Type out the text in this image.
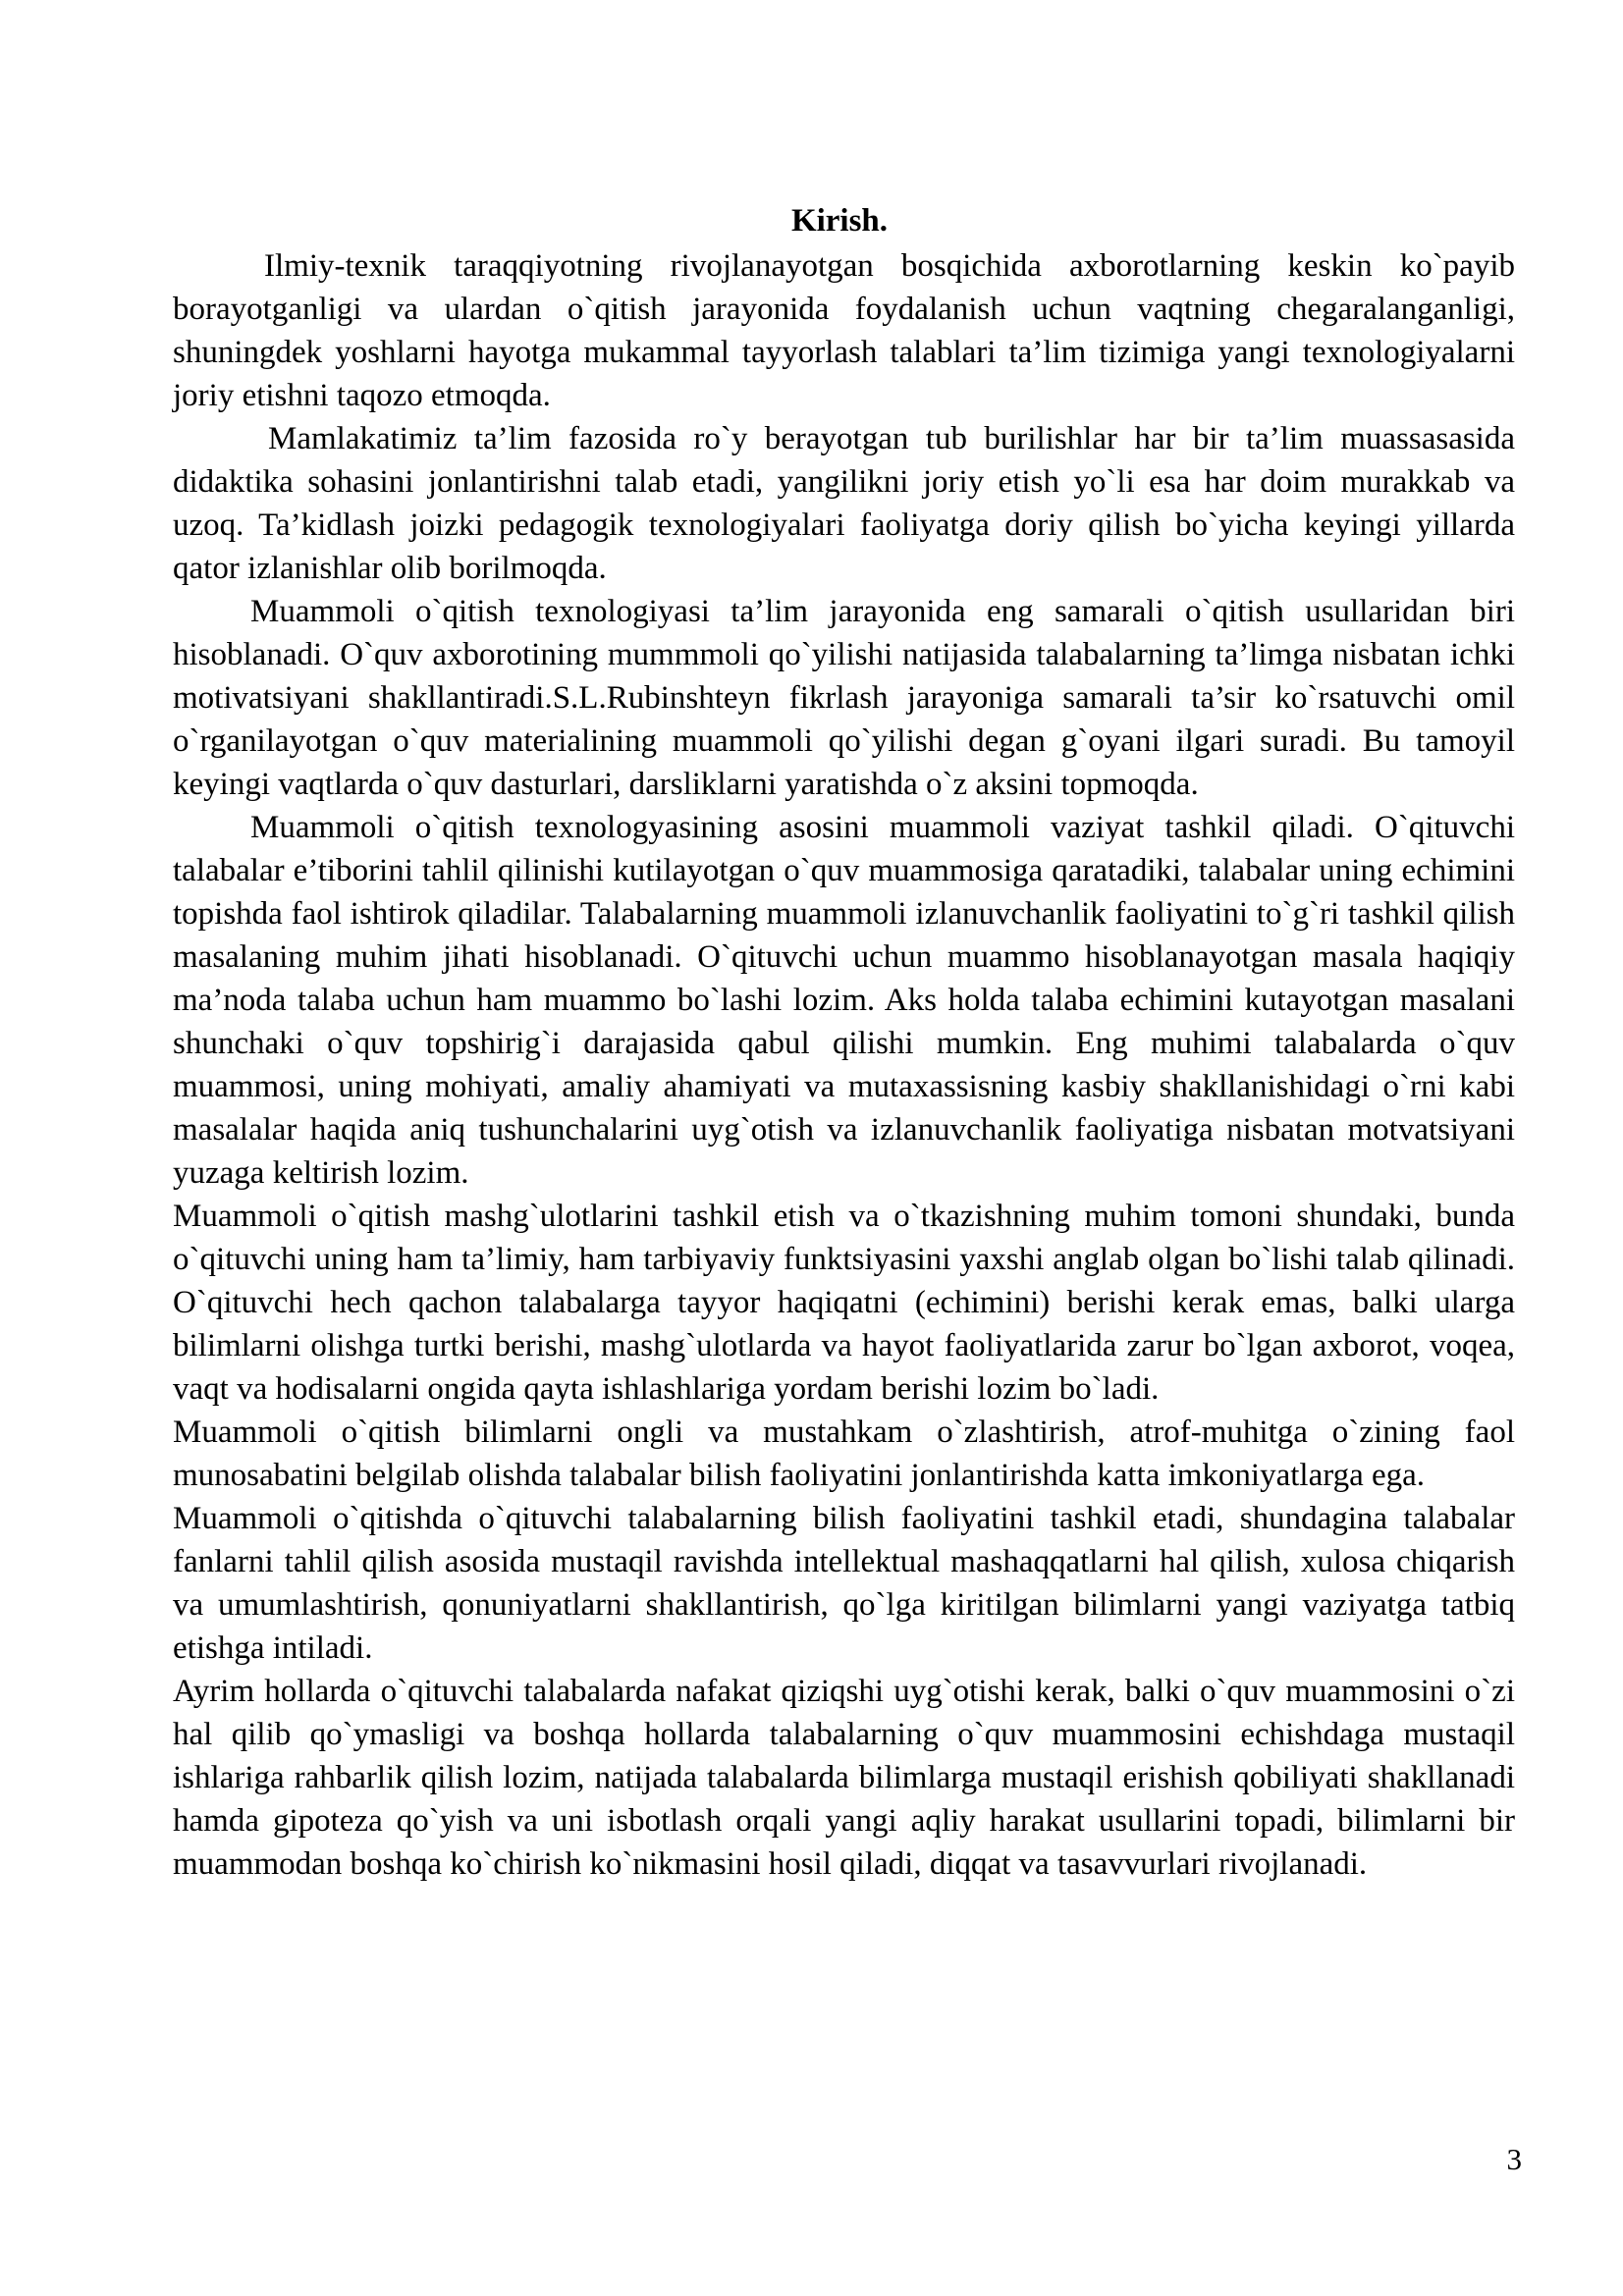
Kirish.

Ilmiy-texnik taraqqiyotning rivojlanayotgan bosqichida axborotlarning keskin ko`payib borayotganligi va ulardan o`qitish jarayonida foydalanish uchun vaqtning chegaralanganligi, shuningdek yoshlarni hayotga mukammal tayyorlash talablari ta’lim tizimiga yangi texnologiyalarni joriy etishni taqozo etmoqda.

Mamlakatimiz ta’lim fazosida ro`y berayotgan tub burilishlar har bir ta’lim muassasasida didaktika sohasini jonlantirishni talab etadi, yangilikni joriy etish yo`li esa har doim murakkab va uzoq. Ta’kidlash joizki pedagogik texnologiyalari faoliyatga doriy qilish bo`yicha keyingi yillarda qator izlanishlar olib borilmoqda.

Muammoli o`qitish texnologiyasi ta’lim jarayonida eng samarali o`qitish usullaridan biri hisoblanadi. O`quv axborotining mummmoli qo`yilishi natijasida talabalarning ta’limga nisbatan ichki motivatsiyani shakllantiradi.S.L.Rubinshteyn fikrlash jarayoniga samarali ta’sir ko`rsatuvchi omil o`rganilayotgan o`quv materialining muammoli qo`yilishi degan g`oyani ilgari suradi. Bu tamoyil keyingi vaqtlarda o`quv dasturlari, darsliklarni yaratishda o`z aksini topmoqda.

Muammoli o`qitish texnologyasining asosini muammoli vaziyat tashkil qiladi. O`qituvchi talabalar e’tiborini tahlil qilinishi kutilayotgan o`quv muammosiga qaratadiki, talabalar uning echimini topishda faol ishtirok qiladilar. Talabalarning muammoli izlanuvchanlik faoliyatini to`g`ri tashkil qilish masalaning muhim jihati hisoblanadi. O`qituvchi uchun muammo hisoblanayotgan masala haqiqiy ma’noda talaba uchun ham muammo bo`lashi lozim. Aks holda talaba echimini kutayotgan masalani shunchaki o`quv topshirig`i darajasida qabul qilishi mumkin. Eng muhimi talabalarda o`quv muammosi, uning mohiyati, amaliy ahamiyati va mutaxassisning kasbiy shakllanishidagi o`rni kabi masalalar haqida aniq tushunchalarini uyg`otish va izlanuvchanlik faoliyatiga nisbatan motvatsiyani yuzaga keltirish lozim.

Muammoli o`qitish mashg`ulotlarini tashkil etish va o`tkazishning muhim tomoni shundaki, bunda o`qituvchi uning ham ta’limiy, ham tarbiyaviy funktsiyasini yaxshi anglab olgan bo`lishi talab qilinadi. O`qituvchi hech qachon talabalarga tayyor haqiqatni (echimini) berishi kerak emas, balki ularga bilimlarni olishga turtki berishi, mashg`ulotlarda va hayot faoliyatlarida zarur bo`lgan axborot, voqea, vaqt va hodisalarni ongida qayta ishlashlariga yordam berishi lozim bo`ladi.

Muammoli o`qitish bilimlarni ongli va mustahkam o`zlashtirish, atrof-muhitga o`zining faol munosabatini belgilab olishda talabalar bilish faoliyatini jonlantirishda katta imkoniyatlarga ega.

Muammoli o`qitishda o`qituvchi talabalarning bilish faoliyatini tashkil etadi, shundagina talabalar fanlarni tahlil qilish asosida mustaqil ravishda intellektual mashaqqatlarni hal qilish, xulosa chiqarish va umumlashtirish, qonuniyatlarni shakllantirish, qo`lga kiritilgan bilimlarni yangi vaziyatga tatbiq etishga intiladi.

Ayrim hollarda o`qituvchi talabalarda nafakat qiziqshi uyg`otishi kerak, balki o`quv muammosini o`zi hal qilib qo`ymasligi va boshqa hollarda talabalarning o`quv muammosini echishdaga mustaqil ishlariga rahbarlik qilish lozim, natijada talabalarda bilimlarga mustaqil erishish qobiliyati shakllanadi hamda gipoteza qo`yish va uni isbotlash orqali yangi aqliy harakat usullarini topadi, bilimlarni bir muammodan boshqa ko`chirish ko`nikmasini hosil qiladi, diqqat va tasavvurlari rivojlanadi.

3
